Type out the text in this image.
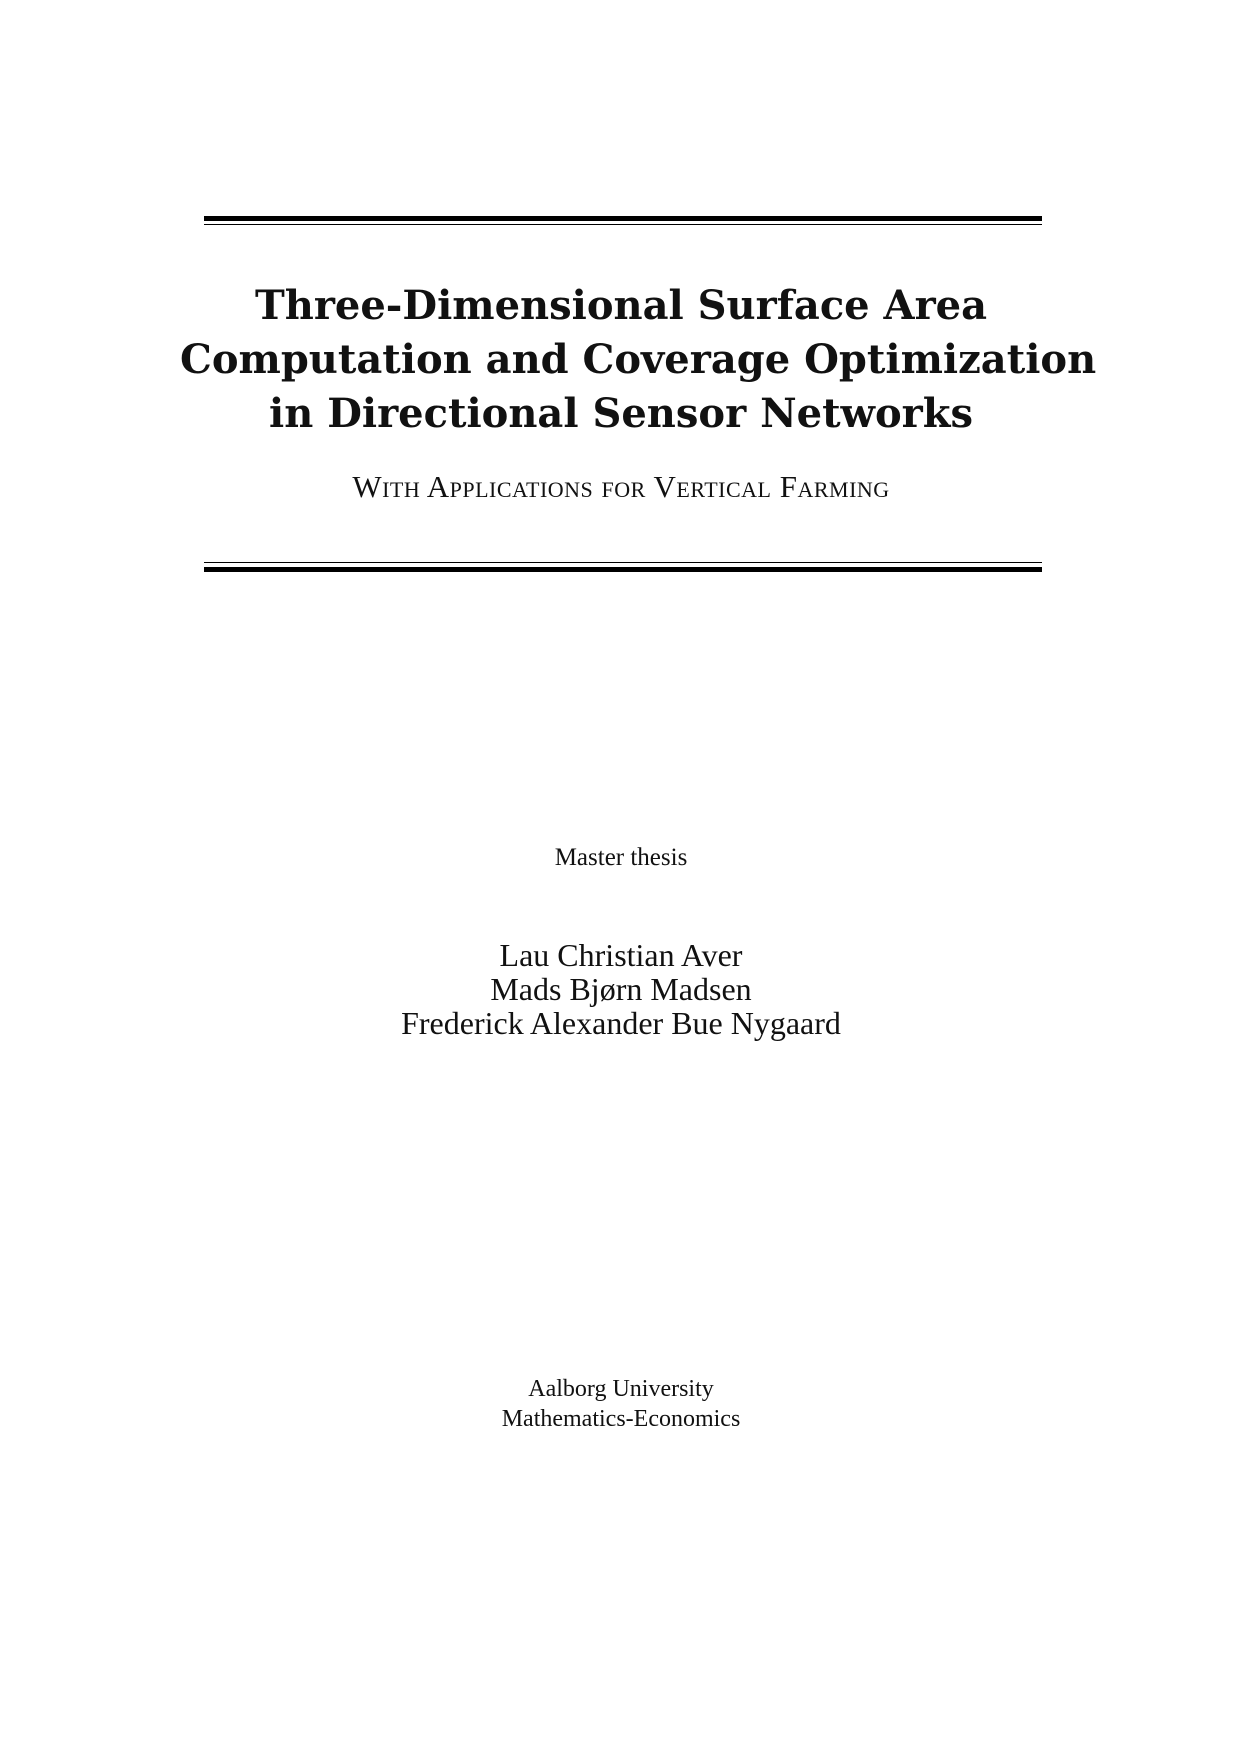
Three-Dimensional Surface Area
Computation and Coverage Optimization
in Directional Sensor Networks
With Applications for Vertical Farming
Master thesis
Lau Christian Aver
Mads Bjørn Madsen
Frederick Alexander Bue Nygaard
Aalborg University
Mathematics-Economics
